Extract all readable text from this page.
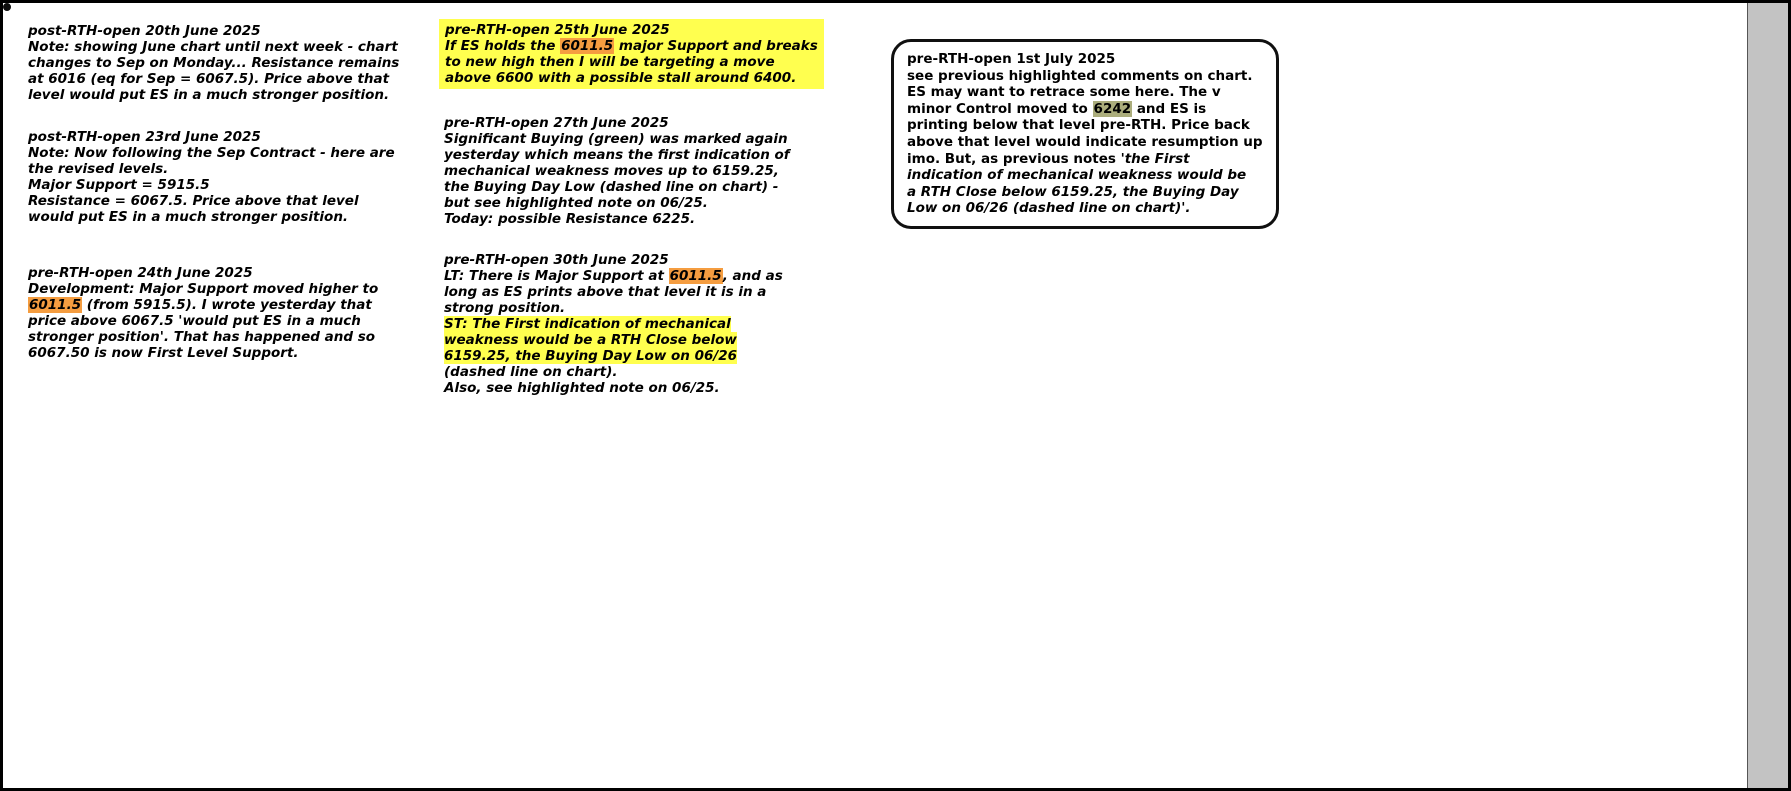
post-RTH-open 20th June 2025
Note: showing June chart until next week - chart
changes to Sep on Monday... Resistance remains
at 6016 (eq for Sep = 6067.5). Price above that
level would put ES in a much stronger position.
post-RTH-open 23rd June 2025
Note: Now following the Sep Contract - here are
the revised levels.
Major Support = 5915.5
Resistance = 6067.5. Price above that level
would put ES in a much stronger position.
pre-RTH-open 24th June 2025
Development: Major Support moved higher to
6011.5 (from 5915.5). I wrote yesterday that
price above 6067.5 'would put ES in a much
stronger position'. That has happened and so
6067.50 is now First Level Support.
pre-RTH-open 25th June 2025
If ES holds the 6011.5 major Support and breaks
to new high then I will be targeting a move
above 6600 with a possible stall around 6400.
pre-RTH-open 27th June 2025
Significant Buying (green) was marked again
yesterday which means the first indication of
mechanical weakness moves up to 6159.25,
the Buying Day Low (dashed line on chart) -
but see highlighted note on 06/25.
Today: possible Resistance 6225.
pre-RTH-open 30th June 2025
LT: There is Major Support at 6011.5, and as
long as ES prints above that level it is in a
strong position.
ST: The First indication of mechanical
weakness would be a RTH Close below
6159.25, the Buying Day Low on 06/26
(dashed line on chart).
Also, see highlighted note on 06/25.
pre-RTH-open 1st July 2025
see previous highlighted comments on chart.
ES may want to retrace some here. The v
minor Control moved to 6242 and ES is
printing below that level pre-RTH. Price back
above that level would indicate resumption up
imo. But, as previous notes 'the First
indication of mechanical weakness would be
a RTH Close below 6159.25, the Buying Day
Low on 06/26 (dashed line on chart)'.
